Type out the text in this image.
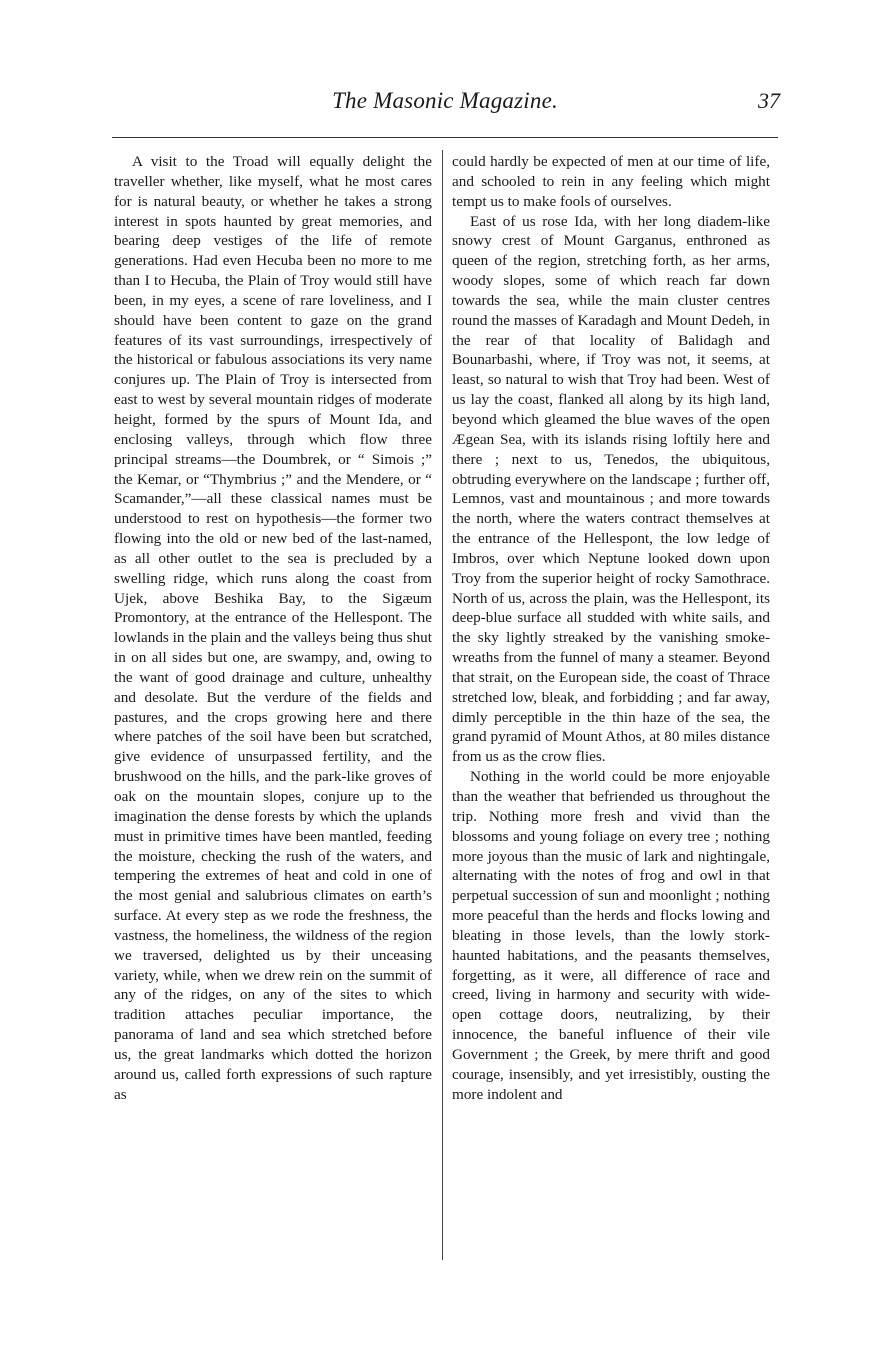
The Masonic Magazine.	37

A visit to the Troad will equally delight the traveller whether, like myself, what he most cares for is natural beauty, or whether he takes a strong interest in spots haunted by great memories, and bearing deep vestiges of the life of remote generations. Had even Hecuba been no more to me than I to Hecuba, the Plain of Troy would still have been, in my eyes, a scene of rare loveliness, and I should have been content to gaze on the grand features of its vast surroundings, irrespectively of the historical or fabulous associations its very name conjures up. The Plain of Troy is intersected from east to west by several mountain ridges of moderate height, formed by the spurs of Mount Ida, and enclosing valleys, through which flow three principal streams—the Doumbrek, or “ Simois ;” the Kemar, or “Thymbrius ;” and the Mendere, or “ Scamander,”—all these classical names must be understood to rest on hypothesis—the former two flowing into the old or new bed of the last-named, as all other outlet to the sea is precluded by a swelling ridge, which runs along the coast from Ujek, above Beshika Bay, to the Sigæum Promontory, at the entrance of the Hellespont. The lowlands in the plain and the valleys being thus shut in on all sides but one, are swampy, and, owing to the want of good drainage and culture, unhealthy and desolate. But the verdure of the fields and pastures, and the crops growing here and there where patches of the soil have been but scratched, give evidence of unsurpassed fertility, and the brushwood on the hills, and the park-like groves of oak on the mountain slopes, conjure up to the imagination the dense forests by which the uplands must in primitive times have been mantled, feeding the moisture, checking the rush of the waters, and tempering the extremes of heat and cold in one of the most genial and salubrious climates on earth’s surface. At every step as we rode the freshness, the vastness, the homeliness, the wildness of the region we traversed, delighted us by their unceasing variety, while, when we drew rein on the summit of any of the ridges, on any of the sites to which tradition attaches peculiar importance, the panorama of land and sea which stretched before us, the great landmarks which dotted the horizon around us, called forth expressions of such rapture as

could hardly be expected of men at our time of life, and schooled to rein in any feeling which might tempt us to make fools of ourselves.

East of us rose Ida, with her long diadem-like snowy crest of Mount Garganus, enthroned as queen of the region, stretching forth, as her arms, woody slopes, some of which reach far down towards the sea, while the main cluster centres round the masses of Karadagh and Mount Dedeh, in the rear of that locality of Balidagh and Bounarbashi, where, if Troy was not, it seems, at least, so natural to wish that Troy had been. West of us lay the coast, flanked all along by its high land, beyond which gleamed the blue waves of the open Ægean Sea, with its islands rising loftily here and there ; next to us, Tenedos, the ubiquitous, obtruding everywhere on the landscape ; further off, Lemnos, vast and mountainous ; and more towards the north, where the waters contract themselves at the entrance of the Hellespont, the low ledge of Imbros, over which Neptune looked down upon Troy from the superior height of rocky Samothrace. North of us, across the plain, was the Hellespont, its deep-blue surface all studded with white sails, and the sky lightly streaked by the vanishing smoke-wreaths from the funnel of many a steamer. Beyond that strait, on the European side, the coast of Thrace stretched low, bleak, and forbidding ; and far away, dimly perceptible in the thin haze of the sea, the grand pyramid of Mount Athos, at 80 miles distance from us as the crow flies.

Nothing in the world could be more enjoyable than the weather that befriended us throughout the trip. Nothing more fresh and vivid than the blossoms and young foliage on every tree ; nothing more joyous than the music of lark and nightingale, alternating with the notes of frog and owl in that perpetual succession of sun and moonlight ; nothing more peaceful than the herds and flocks lowing and bleating in those levels, than the lowly stork-haunted habitations, and the peasants themselves, forgetting, as it were, all difference of race and creed, living in harmony and security with wide-open cottage doors, neutralizing, by their innocence, the baneful influence of their vile Government ; the Greek, by mere thrift and good courage, insensibly, and yet irresistibly, ousting the more indolent and
